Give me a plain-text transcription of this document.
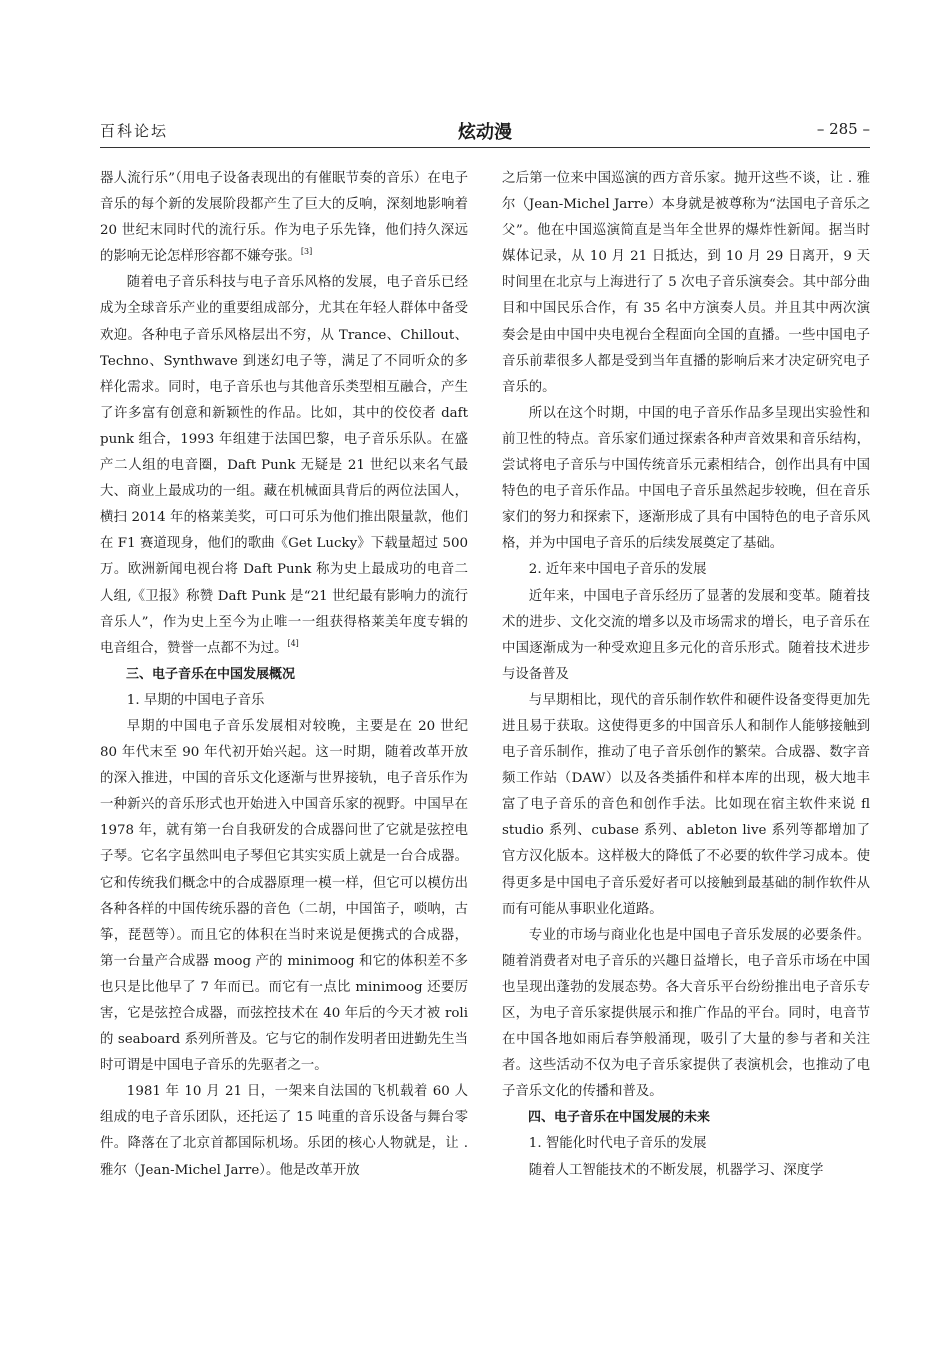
百科论坛	炫动漫	– 285 –

器人流行乐”（用电子设备表现出的有催眠节奏的音乐）在电子音乐的每个新的发展阶段都产生了巨大的反响，深刻地影响着 20 世纪末同时代的流行乐。作为电子乐先锋，他们持久深远的影响无论怎样形容都不嫌夸张。[3]

随着电子音乐科技与电子音乐风格的发展，电子音乐已经成为全球音乐产业的重要组成部分，尤其在年轻人群体中备受欢迎。各种电子音乐风格层出不穷，从 Trance、Chillout、Techno、Synthwave 到迷幻电子等，满足了不同听众的多样化需求。同时，电子音乐也与其他音乐类型相互融合，产生了许多富有创意和新颖性的作品。比如，其中的佼佼者 daft punk 组合，1993 年组建于法国巴黎，电子音乐乐队。在盛产二人组的电音圈，Daft Punk 无疑是 21 世纪以来名气最大、商业上最成功的一组。藏在机械面具背后的两位法国人，横扫 2014 年的格莱美奖，可口可乐为他们推出限量款，他们在 F1 赛道现身，他们的歌曲《Get Lucky》下载量超过 500 万。欧洲新闻电视台将 Daft Punk 称为史上最成功的电音二人组,《卫报》称赞 Daft Punk 是“21 世纪最有影响力的流行音乐人”，作为史上至今为止唯一一组获得格莱美年度专辑的电音组合，赞誉一点都不为过。[4]

三、电子音乐在中国发展概况

1. 早期的中国电子音乐

早期的中国电子音乐发展相对较晚，主要是在 20 世纪 80 年代末至 90 年代初开始兴起。这一时期，随着改革开放的深入推进，中国的音乐文化逐渐与世界接轨，电子音乐作为一种新兴的音乐形式也开始进入中国音乐家的视野。中国早在 1978 年，就有第一台自我研发的合成器问世了它就是弦控电子琴。它名字虽然叫电子琴但它其实实质上就是一台合成器。它和传统我们概念中的合成器原理一模一样，但它可以模仿出各种各样的中国传统乐器的音色（二胡，中国笛子，唢呐，古筝，琵琶等）。而且它的体积在当时来说是便携式的合成器，第一台量产合成器 moog 产的 minimoog 和它的体积差不多也只是比他早了 7 年而已。而它有一点比 minimoog 还要厉害，它是弦控合成器，而弦控技术在 40 年后的今天才被 roli 的 seaboard 系列所普及。它与它的制作发明者田进勤先生当时可谓是中国电子音乐的先驱者之一。

1981 年 10 月 21 日，一架来自法国的飞机载着 60 人组成的电子音乐团队，还托运了 15 吨重的音乐设备与舞台零件。降落在了北京首都国际机场。乐团的核心人物就是，让 . 雅尔（Jean-Michel Jarre）。他是改革开放

之后第一位来中国巡演的西方音乐家。抛开这些不谈，让 . 雅尔（Jean-Michel Jarre）本身就是被尊称为“法国电子音乐之父”。他在中国巡演简直是当年全世界的爆炸性新闻。据当时媒体记录，从 10 月 21 日抵达，到 10 月 29 日离开，9 天时间里在北京与上海进行了 5 次电子音乐演奏会。其中部分曲目和中国民乐合作，有 35 名中方演奏人员。并且其中两次演奏会是由中国中央电视台全程面向全国的直播。一些中国电子音乐前辈很多人都是受到当年直播的影响后来才决定研究电子音乐的。

所以在这个时期，中国的电子音乐作品多呈现出实验性和前卫性的特点。音乐家们通过探索各种声音效果和音乐结构，尝试将电子音乐与中国传统音乐元素相结合，创作出具有中国特色的电子音乐作品。中国电子音乐虽然起步较晚，但在音乐家们的努力和探索下，逐渐形成了具有中国特色的电子音乐风格，并为中国电子音乐的后续发展奠定了基础。

2. 近年来中国电子音乐的发展

近年来，中国电子音乐经历了显著的发展和变革。随着技术的进步、文化交流的增多以及市场需求的增长，电子音乐在中国逐渐成为一种受欢迎且多元化的音乐形式。随着技术进步与设备普及

与早期相比，现代的音乐制作软件和硬件设备变得更加先进且易于获取。这使得更多的中国音乐人和制作人能够接触到电子音乐制作，推动了电子音乐创作的繁荣。合成器、数字音频工作站（DAW）以及各类插件和样本库的出现，极大地丰富了电子音乐的音色和创作手法。比如现在宿主软件来说 fl studio 系列、cubase 系列、ableton live 系列等都增加了官方汉化版本。这样极大的降低了不必要的软件学习成本。使得更多是中国电子音乐爱好者可以接触到最基础的制作软件从而有可能从事职业化道路。

专业的市场与商业化也是中国电子音乐发展的必要条件。随着消费者对电子音乐的兴趣日益增长，电子音乐市场在中国也呈现出蓬勃的发展态势。各大音乐平台纷纷推出电子音乐专区，为电子音乐家提供展示和推广作品的平台。同时，电音节在中国各地如雨后春笋般涌现，吸引了大量的参与者和关注者。这些活动不仅为电子音乐家提供了表演机会，也推动了电子音乐文化的传播和普及。

四、电子音乐在中国发展的未来

1. 智能化时代电子音乐的发展

随着人工智能技术的不断发展，机器学习、深度学
